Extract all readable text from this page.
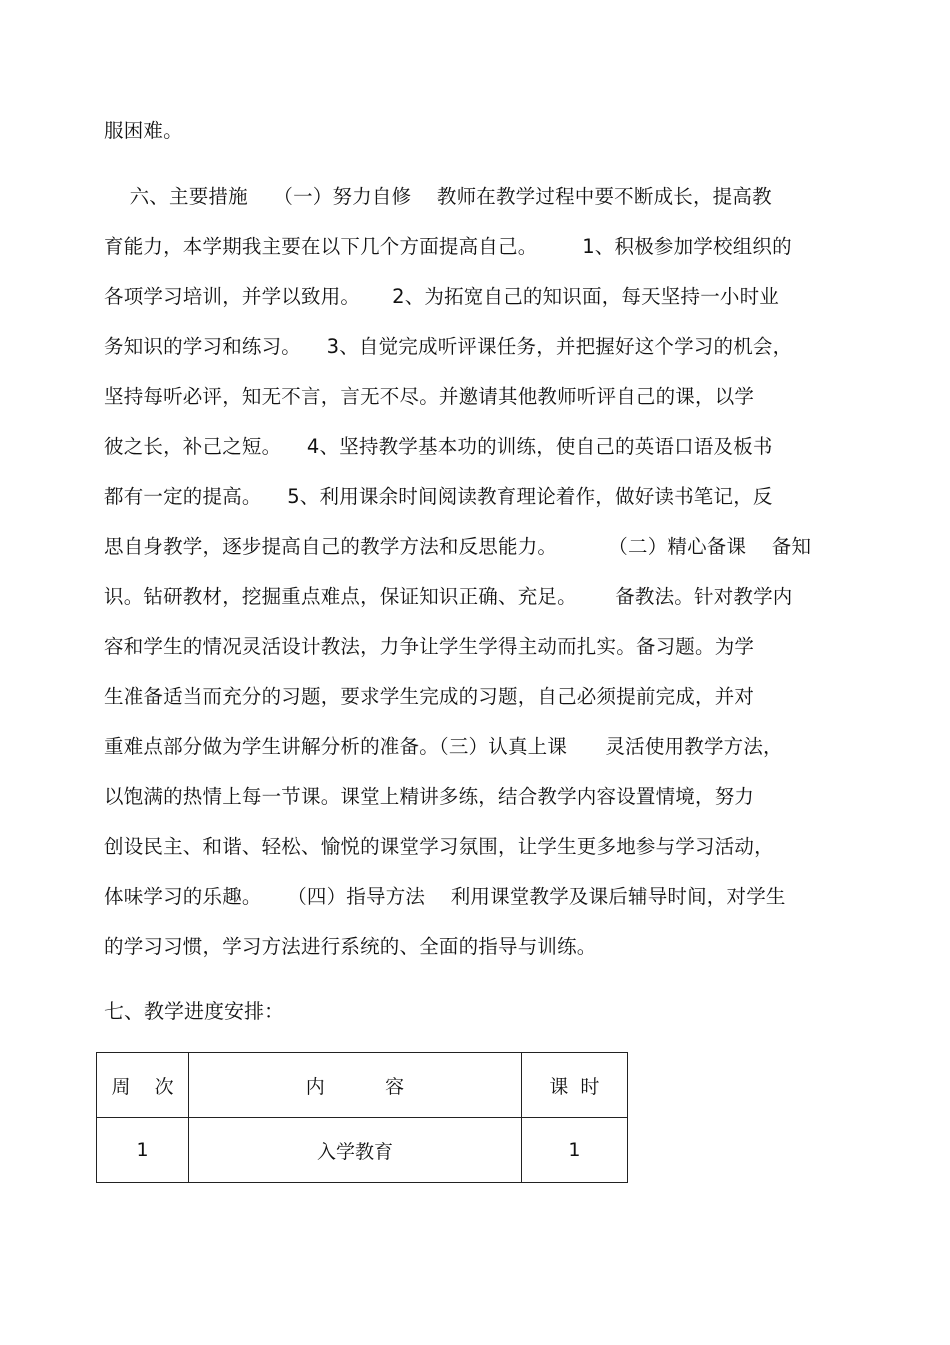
服困难。
六、主要措施    （一）努力自修    教师在教学过程中要不断成长，提高教
育能力，本学期我主要在以下几个方面提高自己。       1、积极参加学校组织的
各项学习培训，并学以致用。     2、为拓宽自己的知识面，每天坚持一小时业
务知识的学习和练习。    3、自觉完成听评课任务，并把握好这个学习的机会，
坚持每听必评，知无不言，言无不尽。并邀请其他教师听评自己的课，以学
彼之长，补己之短。    4、坚持教学基本功的训练，使自己的英语口语及板书
都有一定的提高。    5、利用课余时间阅读教育理论着作，做好读书笔记，反
思自身教学，逐步提高自己的教学方法和反思能力。        （二）精心备课    备知
识。钻研教材，挖掘重点难点，保证知识正确、充足。      备教法。针对教学内
容和学生的情况灵活设计教法，力争让学生学得主动而扎实。备习题。为学
生准备适当而充分的习题，要求学生完成的习题，自己必须提前完成，并对
重难点部分做为学生讲解分析的准备。（三）认真上课      灵活使用教学方法，
以饱满的热情上每一节课。课堂上精讲多练，结合教学内容设置情境，努力
创设民主、和谐、轻松、愉悦的课堂学习氛围，让学生更多地参与学习活动，
体味学习的乐趣。    （四）指导方法    利用课堂教学及课后辅导时间，对学生
的学习习惯，学习方法进行系统的、全面的指导与训练。
七、教学进度安排：
周    次	内          容	课  时
1	入学教育	1
